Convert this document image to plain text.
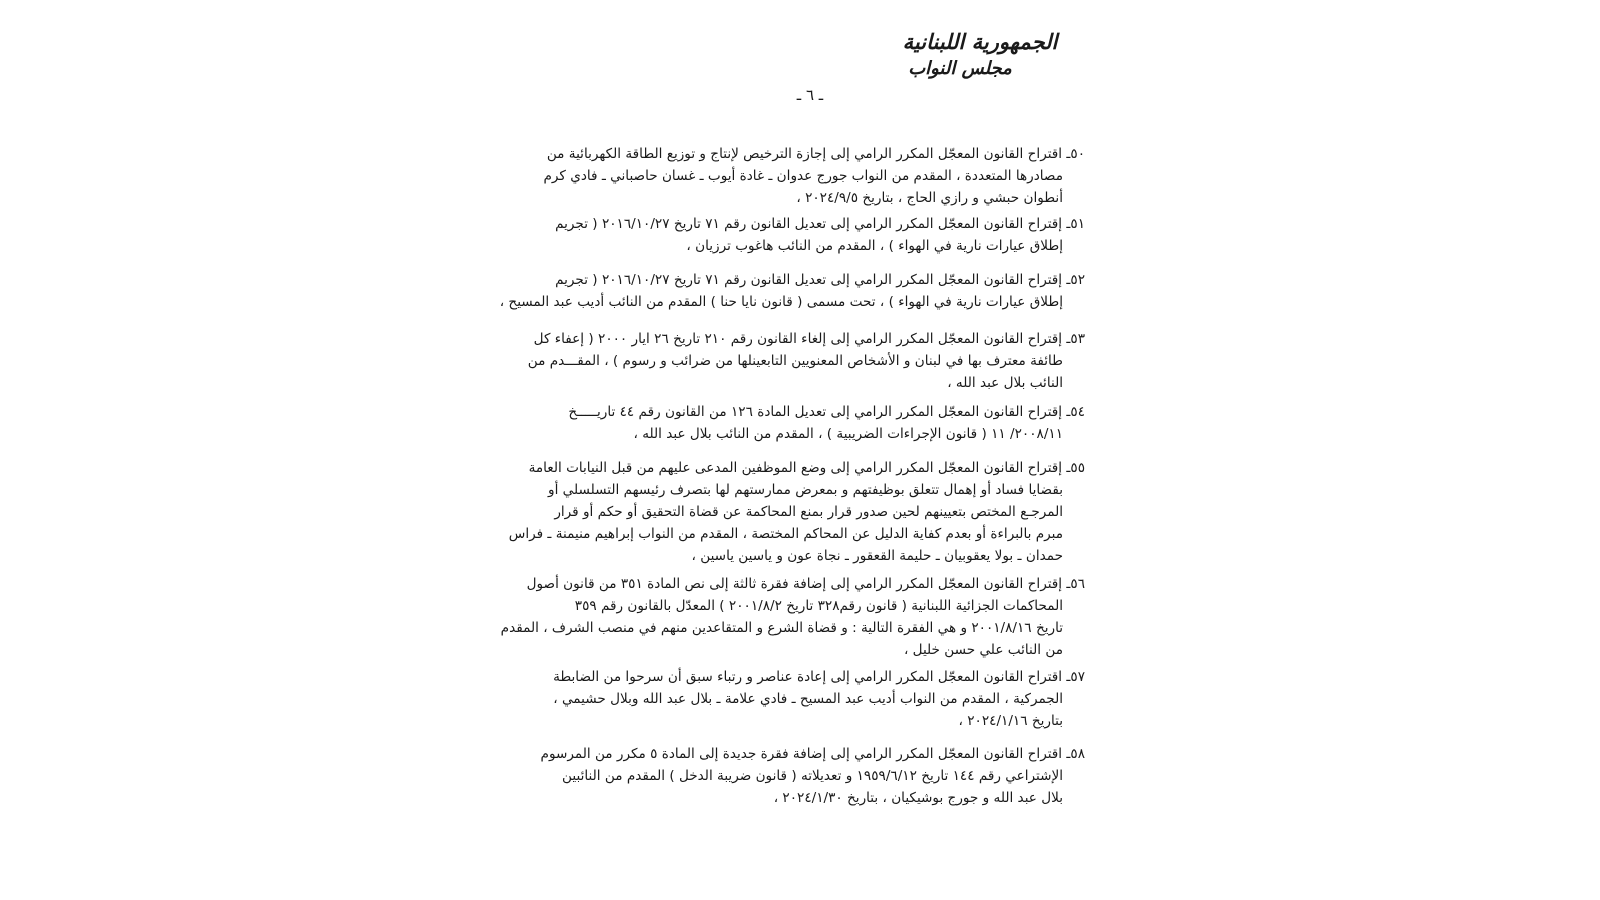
الجمهورية اللبنانية
مجلس النواب
ـ ٦ ـ
٥٠ـ اقتراح القانون المعجّل المكرر الرامي إلى إجازة الترخيص لإنتاج و توزيع الطاقة الكهربائية من
مصادرها المتعددة ، المقدم من النواب جورج عدوان ـ غادة أيوب ـ غسان حاصباني ـ فادي كرم
أنطوان حبشي و رازي الحاج ، بتاريخ ٢٠٢٤/٩/٥ ،
٥١ـ إقتراح القانون المعجّل المكرر الرامي إلى تعديل القانون رقم ٧١ تاريخ ٢٠١٦/١٠/٢٧ ( تجريم
إطلاق عيارات نارية في الهواء ) ، المقدم من النائب هاغوب ترزيان ،
٥٢ـ إقتراح القانون المعجّل المكرر الرامي إلى تعديل القانون رقم ٧١ تاريخ ٢٠١٦/١٠/٢٧ ( تجريم
إطلاق عيارات نارية في الهواء ) ، تحت مسمى ( قانون نايا حنا ) المقدم من النائب أديب عبد المسيح ،
٥٣ـ إقتراح القانون المعجّل المكرر الرامي إلى إلغاء القانون رقم ٢١٠ تاريخ ٢٦ ايار ٢٠٠٠ ( إعفاء كل
طائفة معترف بها في لبنان و الأشخاص المعنويين التابعينلها من ضرائب و رسوم ) ، المقـــدم من
النائب بلال عبد الله ،
٥٤ـ إقتراح القانون المعجّل المكرر الرامي إلى تعديل المادة ١٢٦ من القانون رقم ٤٤ تاريـــــخ
٢٠٠٨/١١/ ١١ ( قانون الإجراءات الضريبية ) ، المقدم من النائب بلال عبد الله ،
٥٥ـ إقتراح القانون المعجّل المكرر الرامي إلى وضع الموظفين المدعى عليهم من قبل النيابات العامة
بقضايا فساد أو إهمال تتعلق بوظيفتهم و بمعرض ممارستهم لها بتصرف رئيسهم التسلسلي أو
المرجـع المختص بتعيينهم لحين صدور قرار بمنع المحاكمة عن قضاة التحقيق أو حكم أو قرار
مبرم بالبراءة أو بعدم كفاية الدليل عن المحاكم المختصة ، المقدم من النواب إبراهيم منيمنة ـ فراس
حمدان ـ بولا يعقوبيان ـ حليمة القعقور ـ نجاة عون و ياسين ياسين ،
٥٦ـ إقتراح القانون المعجّل المكرر الرامي إلى إضافة فقرة ثالثة إلى نص المادة ٣٥١ من قانون أصول
المحاكمات الجزائية اللبنانية ( قانون رقم٣٢٨ تاريخ ٢٠٠١/٨/٢ ) المعدّل بالقانون رقم ٣٥٩
تاريخ ٢٠٠١/٨/١٦ و هي الفقرة التالية : و قضاة الشرع و المتقاعدين منهم في منصب الشرف ، المقدم
من النائب علي حسن خليل ،
٥٧ـ اقتراح القانون المعجّل المكرر الرامي إلى إعادة عناصر و رتباء سبق أن سرحوا من الضابطة
الجمركية ، المقدم من النواب أديب عبد المسيح ـ فادي علامة ـ بلال عبد الله وبلال حشيمي ،
بتاريخ ٢٠٢٤/١/١٦ ،
٥٨ـ اقتراح القانون المعجّل المكرر الرامي إلى إضافة فقرة جديدة إلى المادة ٥ مكرر من المرسوم
الإشتراعي رقم ١٤٤ تاريخ ١٩٥٩/٦/١٢ و تعديلاته ( قانون ضريبة الدخل ) المقدم من النائبين
بلال عبد الله و جورج بوشيكيان ، بتاريخ ٢٠٢٤/١/٣٠ ،
